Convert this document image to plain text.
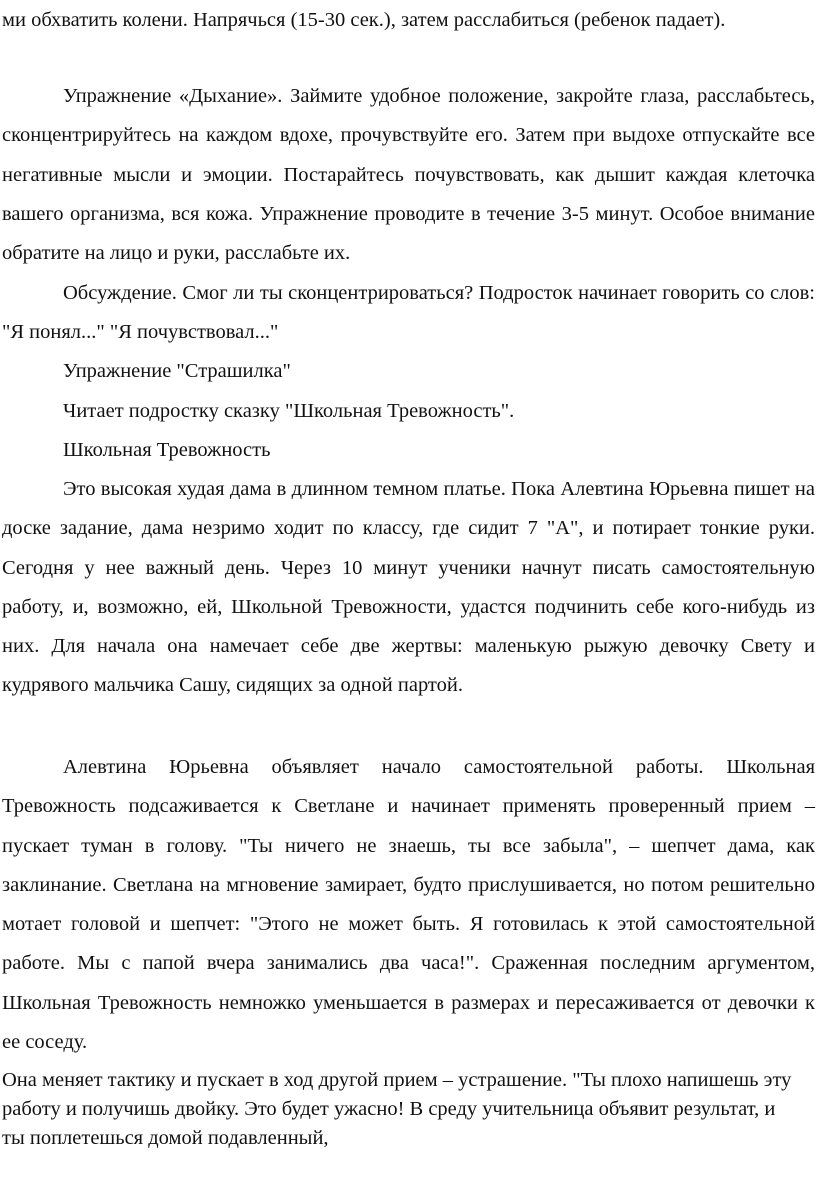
ми обхватить колени. Напрячься (15-30 сек.), затем расслабиться (ребенок падает).

Упражнение «Дыхание». Займите удобное положение, закройте глаза, расслабьтесь, сконцентрируйтесь на каждом вдохе, прочувствуйте его. Затем при выдохе отпускайте все негативные мысли и эмоции. Постарайтесь почувствовать, как дышит каждая клеточка вашего организма, вся кожа. Упражнение проводите в течение 3-5 минут. Особое внимание обратите на лицо и руки, расслабьте их.

Обсуждение. Смог ли ты сконцентрироваться? Подросток начинает говорить со слов: "Я понял..." "Я почувствовал..."

Упражнение "Страшилка"

Читает подростку сказку "Школьная Тревожность".

Школьная Тревожность

Это высокая худая дама в длинном темном платье. Пока Алевтина Юрьевна пишет на доске задание, дама незримо ходит по классу, где сидит 7 "А", и потирает тонкие руки. Сегодня у нее важный день. Через 10 минут ученики начнут писать самостоятельную работу, и, возможно, ей, Школьной Тревожности, удастся подчинить себе кого-нибудь из них. Для начала она намечает себе две жертвы: маленькую рыжую девочку Свету и кудрявого мальчика Сашу, сидящих за одной партой.

Алевтина Юрьевна объявляет начало самостоятельной работы. Школьная Тревожность подсаживается к Светлане и начинает применять проверенный прием – пускает туман в голову. "Ты ничего не знаешь, ты все забыла", – шепчет дама, как заклинание. Светлана на мгновение замирает, будто прислушивается, но потом решительно мотает головой и шепчет: "Этого не может быть. Я готовилась к этой самостоятельной работе. Мы с папой вчера занимались два часа!". Сраженная последним аргументом, Школьная Тревожность немножко уменьшается в размерах и пересаживается от девочки к ее соседу.

Она меняет тактику и пускает в ход другой прием – устрашение. "Ты плохо напишешь эту работу и получишь двойку. Это будет ужасно! В среду учительница объявит результат, и ты поплетешься домой подавленный,
